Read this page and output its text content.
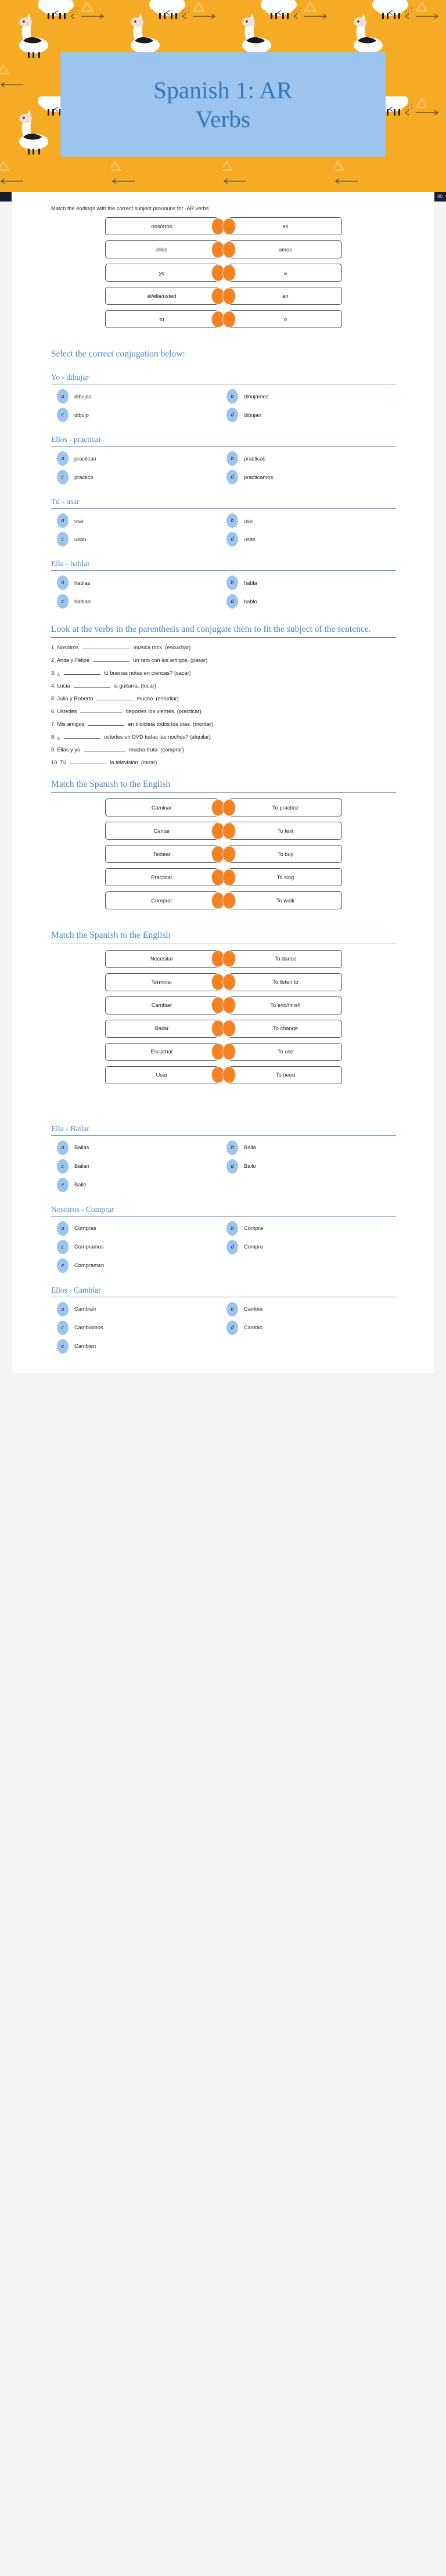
Spanish 1: AR
Verbs
80
Match the endings with the correct subject pronouns for -AR verbs
nosotros	as
ellos	amos
yo	a
él/ella/usted	an
tú	o
Select the correct conjugation below:
Yo - dibujar
a	dibujas	b	dibujamos
c	dibujo	d	dibujan
Ellos - practicar
a	practican	b	practicas
c	practico	d	practicamos
Tú - usar
a	usa	b	uso
c	usan	d	usas
Ella - hablar
a	hablas	b	habla
c	hablan	d	hablo
Look at the verbs in the parenthesis and conjugate them to fit the subject of the sentence.
1. Nosotros	música rock. (escuchar)
2. Anita y Felipe	un rato con los amigos. (pasar)
3. ¿	tú buenas notas en ciencas? (sacar)
4. Lucia	la guitarra. (tocar)
5. Julia y Roberto	mucho. (estudiar)
6. Ustedes	deportes los viernes. (practicar)
7. Mis amigos	en bicicleta todos los días. (montar)
8. ¿	ustedes un DVD todas las noches? (alquilar)
9. Ellas y yo	mucha fruta. (comprar)
10. Tú	la televisión. (mirar)
Match the Spanish to the English
Caminar	To practice
Cantar	To text
Textear	To buy
Practicar	To sing
Comprar	To walk
Match the Spanish to the English
Necesitar	To dance
Terminar	To listen to
Cambiar	To end/finish
Bailar	To change
Escuchar	To use
Usar	To need
Ella - Bailar
a	Bailas	b	Baila
c	Bailan	d	Bailo
e	Baile
Nosotros - Comprar
a	Compras	b	Compra
c	Compramos	d	Compro
e	Compraman
Ellos - Cambiar
a	Cambian	b	Cambia
c	Cambiamos	d	Cambio
e	Cambien
